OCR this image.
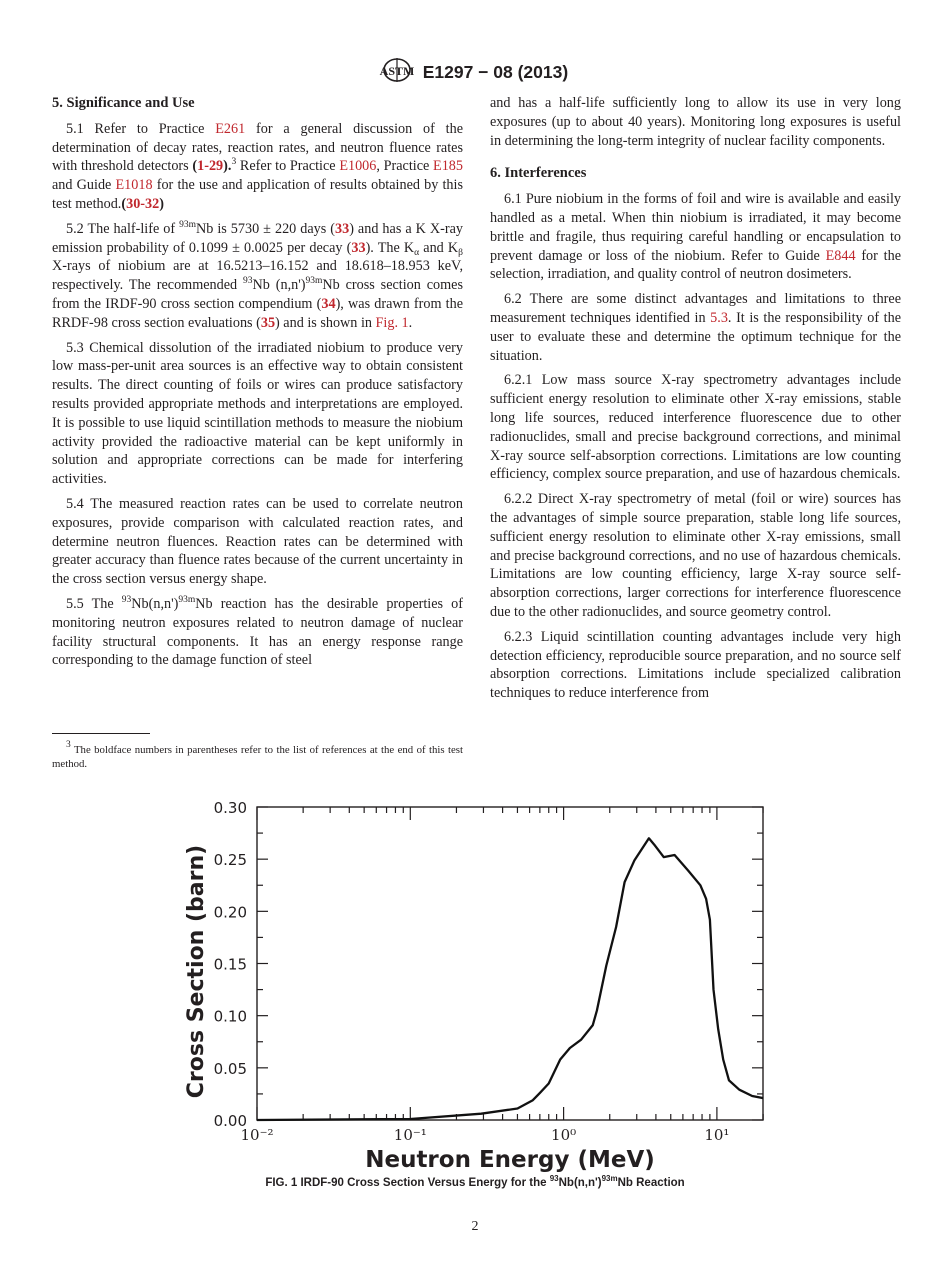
ASTM E1297 − 08 (2013)
5. Significance and Use

5.1 Refer to Practice E261 for a general discussion of the determination of decay rates, reaction rates, and neutron fluence rates with threshold detectors (1-29).$^3$ Refer to Practice E1006, Practice E185 and Guide E1018 for the use and application of results obtained by this test method.(30-32)

5.2 The half-life of $^{93m}$Nb is 5730 ± 220 days (33) and has a K X-ray emission probability of 0.1099 ± 0.0025 per decay (33). The $K_\alpha$ and $K_\beta$ X-rays of niobium are at 16.5213–16.152 and 18.618–18.953 keV, respectively. The recommended $^{93}$Nb $(n,n')^{93m}Nb$ cross section comes from the IRDF-90 cross section compendium (34), was drawn from the RRDF-98 cross section evaluations (35) and is shown in Fig. 1.

5.3 Chemical dissolution of the irradiated niobium to produce very low mass-per-unit area sources is an effective way to obtain consistent results. The direct counting of foils or wires can produce satisfactory results provided appropriate methods and interpretations are employed. It is possible to use liquid scintillation methods to measure the niobium activity provided the radioactive material can be kept uniformly in solution and appropriate corrections can be made for interfering activities.

5.4 The measured reaction rates can be used to correlate neutron exposures, provide comparison with calculated reaction rates, and determine neutron fluences. Reaction rates can be determined with greater accuracy than fluence rates because of the current uncertainty in the cross section versus energy shape.

5.5 The $^{93}Nb(n,n')^{93m}Nb$ reaction has the desirable properties of monitoring neutron exposures related to neutron damage of nuclear facility structural components. It has an energy response range corresponding to the damage function of steel

$^3$ The boldface numbers in parentheses refer to the list of references at the end of this test method.

and has a half-life sufficiently long to allow its use in very long exposures (up to about 40 years). Monitoring long exposures is useful in determining the long-term integrity of nuclear facility components.

6. Interferences

6.1 Pure niobium in the forms of foil and wire is available and easily handled as a metal. When thin niobium is irradiated, it may become brittle and fragile, thus requiring careful handling or encapsulation to prevent damage or loss of the niobium. Refer to Guide E844 for the selection, irradiation, and quality control of neutron dosimeters.

6.2 There are some distinct advantages and limitations to three measurement techniques identified in 5.3. It is the responsibility of the user to evaluate these and determine the optimum technique for the situation.

6.2.1 Low mass source X-ray spectrometry advantages include sufficient energy resolution to eliminate other X-ray emissions, stable long life sources, reduced interference fluorescence due to other radionuclides, small and precise background corrections, and minimal X-ray source self-absorption corrections. Limitations are low counting efficiency, complex source preparation, and use of hazardous chemicals.

6.2.2 Direct X-ray spectrometry of metal (foil or wire) sources has the advantages of simple source preparation, stable long life sources, sufficient energy resolution to eliminate other X-ray emissions, small and precise background corrections, and no use of hazardous chemicals. Limitations are low counting efficiency, large X-ray source self-absorption corrections, larger corrections for interference fluorescence due to the other radionuclides, and source geometry control.

6.2.3 Liquid scintillation counting advantages include very high detection efficiency, reproducible source preparation, and no source self absorption corrections. Limitations include specialized calibration techniques to reduce interference from

0.00
0.05
0.10
0.15
0.20
0.25
0.30
10⁻²	10⁻¹	10⁰	10¹
Neutron Energy (MeV)
Cross Section (barn)
FIG. 1 IRDF-90 Cross Section Versus Energy for the $^{93}Nb(n,n')^{93m}Nb$ Reaction
2
